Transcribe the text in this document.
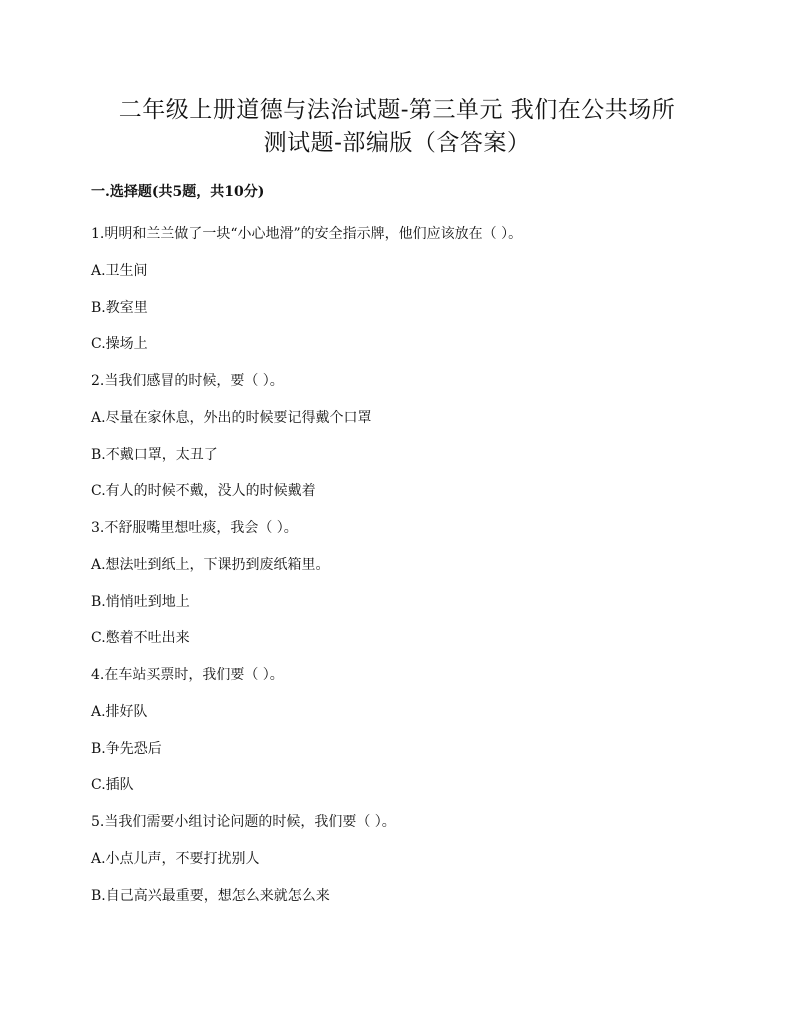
二年级上册道德与法治试题-第三单元 我们在公共场所
测试题-部编版（含答案）
一.选择题(共5题，共10分)
1.明明和兰兰做了一块“小心地滑”的安全指示牌，他们应该放在（ ）。
A.卫生间
B.教室里
C.操场上
2.当我们感冒的时候，要（ ）。
A.尽量在家休息，外出的时候要记得戴个口罩
B.不戴口罩，太丑了
C.有人的时候不戴，没人的时候戴着
3.不舒服嘴里想吐痰，我会（ ）。
A.想法吐到纸上，下课扔到废纸箱里。
B.悄悄吐到地上
C.憋着不吐出来
4.在车站买票时，我们要（ ）。
A.排好队
B.争先恐后
C.插队
5.当我们需要小组讨论问题的时候，我们要（ ）。
A.小点儿声，不要打扰别人
B.自己高兴最重要，想怎么来就怎么来
